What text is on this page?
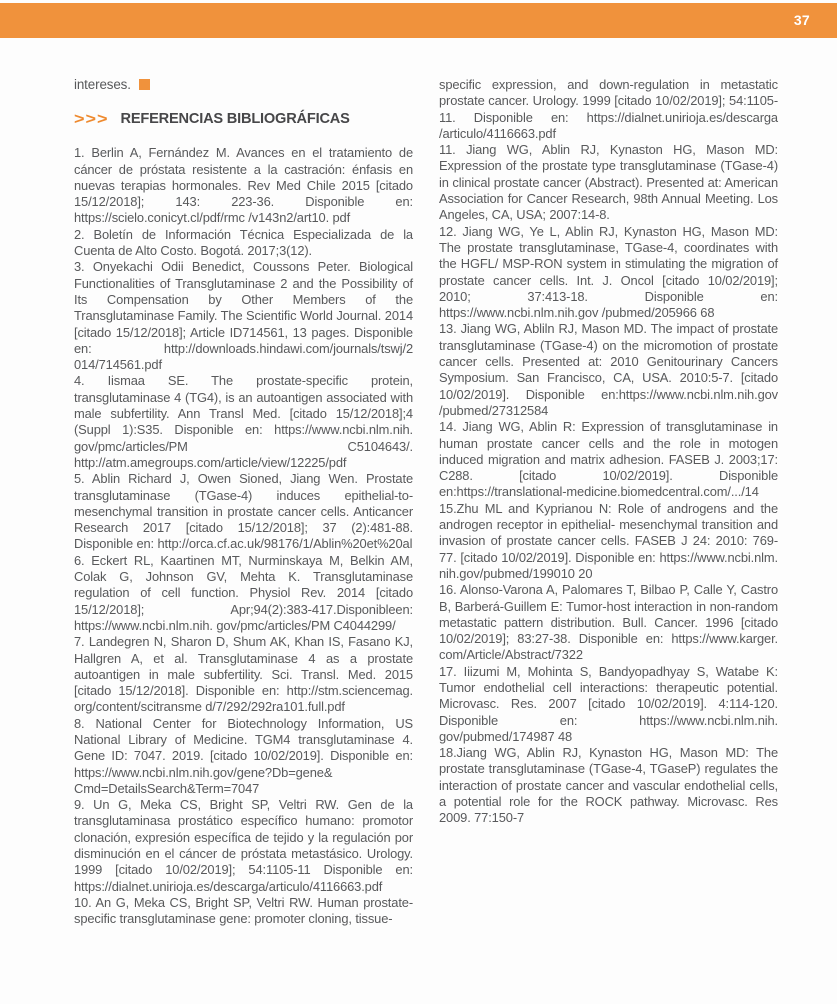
37

intereses.

>>> REFERENCIAS BIBLIOGRÁFICAS

1. Berlin A, Fernández M. Avances en el tratamiento de cáncer de próstata resistente a la castración: énfasis en nuevas terapias hormonales. Rev Med Chile 2015 [citado 15/12/2018]; 143: 223-36. Disponible en: https://scielo.conicyt.cl/pdf/rmc /v143n2/art10. pdf

2. Boletín de Información Técnica Especializada de la Cuenta de Alto Costo. Bogotá. 2017;3(12).

3. Onyekachi Odii Benedict, Coussons Peter. Biological Functionalities of Transglutaminase 2 and the Possibility of Its Compensation by Other Members of the Transglutaminase Family. The Scientific World Journal. 2014 [citado 15/12/2018]; Article ID714561, 13 pages. Disponible en: http://downloads.hindawi.com/journals/tswj/2 014/714561.pdf

4. Iismaa SE. The prostate-specific protein, transglutaminase 4 (TG4), is an autoantigen associated with male subfertility. Ann Transl Med. [citado 15/12/2018];4 (Suppl 1):S35. Disponible en: https://www.ncbi.nlm.nih. gov/pmc/articles/PM C5104643/. http://atm.amegroups.com/article/view/12225/pdf

5. Ablin Richard J, Owen Sioned, Jiang Wen. Prostate transglutaminase (TGase-4) induces epithelial-to-mesenchymal transition in prostate cancer cells. Anticancer Research 2017 [citado 15/12/2018]; 37 (2):481-88. Disponible en: http://orca.cf.ac.uk/98176/1/Ablin%20et%20al

6. Eckert RL, Kaartinen MT, Nurminskaya M, Belkin AM, Colak G, Johnson GV, Mehta K. Transglutaminase regulation of cell function. Physiol Rev. 2014 [citado 15/12/2018]; Apr;94(2):383-417.Disponibleen: https://www.ncbi.nlm.nih. gov/pmc/articles/PM C4044299/

7. Landegren N, Sharon D, Shum AK, Khan IS, Fasano KJ, Hallgren A, et al. Transglutaminase 4 as a prostate autoantigen in male subfertility. Sci. Transl. Med. 2015 [citado 15/12/2018]. Disponible en: http://stm.sciencemag. org/content/scitransme d/7/292/292ra101.full.pdf

8. National Center for Biotechnology Information, US National Library of Medicine. TGM4 transglutaminase 4. Gene ID: 7047. 2019. [citado 10/02/2019]. Disponible en: https://www.ncbi.nlm.nih.gov/gene?Db=gene& Cmd=DetailsSearch&Term=7047

9. Un G, Meka CS, Bright SP, Veltri RW. Gen de la transglutaminasa prostático específico humano: promotor clonación, expresión específica de tejido y la regulación por disminución en el cáncer de próstata metastásico. Urology. 1999 [citado 10/02/2019]; 54:1105-11 Disponible en: https://dialnet.unirioja.es/descarga/articulo/4116663.pdf

10. An G, Meka CS, Bright SP, Veltri RW. Human prostate-specific transglutaminase gene: promoter cloning, tissue-

specific expression, and down-regulation in metastatic prostate cancer. Urology. 1999 [citado 10/02/2019]; 54:1105-11. Disponible en: https://dialnet.unirioja.es/descarga /articulo/4116663.pdf

11. Jiang WG, Ablin RJ, Kynaston HG, Mason MD: Expression of the prostate type transglutaminase (TGase-4) in clinical prostate cancer (Abstract). Presented at: American Association for Cancer Research, 98th Annual Meeting. Los Angeles, CA, USA; 2007:14-8.

12. Jiang WG, Ye L, Ablin RJ, Kynaston HG, Mason MD: The prostate transglutaminase, TGase-4, coordinates with the HGFL/ MSP-RON system in stimulating the migration of prostate cancer cells. Int. J. Oncol [citado 10/02/2019]; 2010; 37:413-18. Disponible en: https://www.ncbi.nlm.nih.gov /pubmed/205966 68

13. Jiang WG, Abliln RJ, Mason MD. The impact of prostate transglutaminase (TGase-4) on the micromotion of prostate cancer cells. Presented at: 2010 Genitourinary Cancers Symposium. San Francisco, CA, USA. 2010:5-7. [citado 10/02/2019]. Disponible en:https://www.ncbi.nlm.nih.gov /pubmed/27312584

14. Jiang WG, Ablin R: Expression of transglutaminase in human prostate cancer cells and the role in motogen induced migration and matrix adhesion. FASEB J. 2003;17: C288. [citado 10/02/2019]. Disponible en:https://translational-medicine.biomedcentral.com/.../14

15.Zhu ML and Kyprianou N: Role of androgens and the androgen receptor in epithelial- mesenchymal transition and invasion of prostate cancer cells. FASEB J 24: 2010: 769-77. [citado 10/02/2019]. Disponible en: https://www.ncbi.nlm. nih.gov/pubmed/199010 20

16. Alonso-Varona A, Palomares T, Bilbao P, Calle Y, Castro B, Barberá-Guillem E: Tumor-host interaction in non-random metastatic pattern distribution. Bull. Cancer. 1996 [citado 10/02/2019]; 83:27-38. Disponible en: https://www.karger. com/Article/Abstract/7322

17. Iiizumi M, Mohinta S, Bandyopadhyay S, Watabe K: Tumor endothelial cell interactions: therapeutic potential. Microvasc. Res. 2007 [citado 10/02/2019]. 4:114-120. Disponible en: https://www.ncbi.nlm.nih. gov/pubmed/174987 48

18.Jiang WG, Ablin RJ, Kynaston HG, Mason MD: The prostate transglutaminase (TGase-4, TGaseP) regulates the interaction of prostate cancer and vascular endothelial cells, a potential role for the ROCK pathway. Microvasc. Res 2009. 77:150-7
